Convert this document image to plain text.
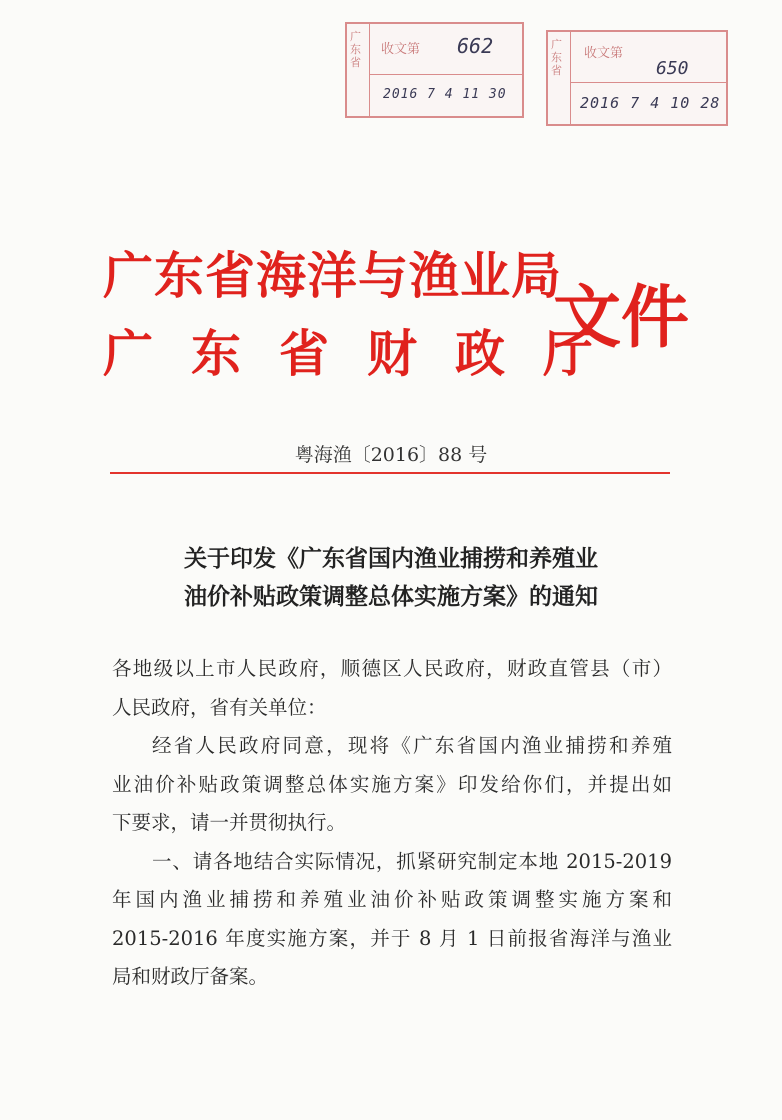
广东省
收文第 662
2016 7 4 11 30
广东省
收文第
650
2016 7 4 10 28
广东省海洋与渔业局
广东省财政厅
文件
粤海渔〔2016〕88 号
关于印发《广东省国内渔业捕捞和养殖业
油价补贴政策调整总体实施方案》的通知
各地级以上市人民政府，顺德区人民政府，财政直管县（市）
人民政府，省有关单位：
经省人民政府同意，现将《广东省国内渔业捕捞和养殖
业油价补贴政策调整总体实施方案》印发给你们，并提出如
下要求，请一并贯彻执行。
一、请各地结合实际情况，抓紧研究制定本地 2015-2019
年国内渔业捕捞和养殖业油价补贴政策调整实施方案和
2015-2016 年度实施方案，并于 8 月 1 日前报省海洋与渔业
局和财政厅备案。
